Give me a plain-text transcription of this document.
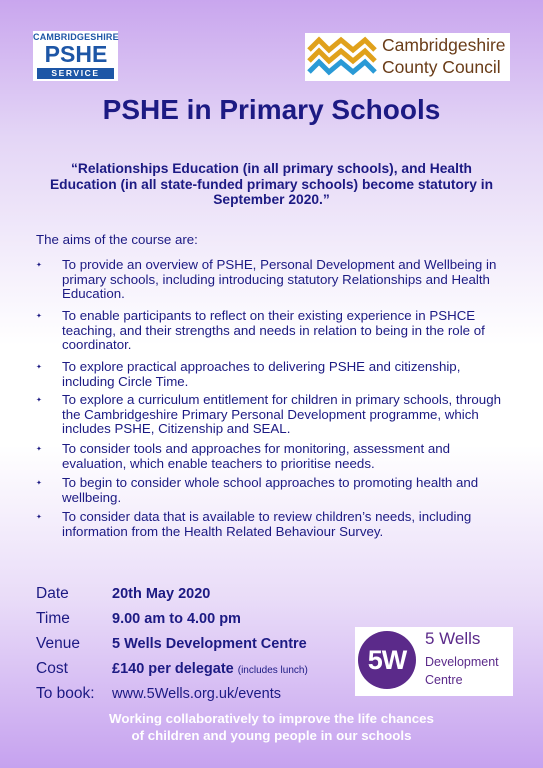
CAMBRIDGESHIRE
PSHE
SERVICE
Cambridgeshire
County Council
PSHE in Primary Schools
“Relationships Education (in all primary schools), and Health Education (in all state-funded primary schools) become statutory in September 2020.”
The aims of the course are:
✦ To provide an overview of PSHE, Personal Development and Wellbeing in primary schools, including introducing statutory Relationships and Health Education.
✦ To enable participants to reflect on their existing experience in PSHCE teaching, and their strengths and needs in relation to being in the role of coordinator.
✦ To explore practical approaches to delivering PSHE and citizenship, including Circle Time.
✦ To explore a curriculum entitlement for children in primary schools, through the Cambridgeshire Primary Personal Development programme, which includes PSHE, Citizenship and SEAL.
✦ To consider tools and approaches for monitoring, assessment and evaluation, which enable teachers to prioritise needs.
✦ To begin to consider whole school approaches to promoting health and wellbeing.
✦ To consider data that is available to review children’s needs, including information from the Health Related Behaviour Survey.
Date	20th May 2020
Time	9.00 am to 4.00 pm
Venue 5 Wells Development Centre
Cost	£140 per delegate (includes lunch)
To book: www.5Wells.org.uk/events
5W
5 Wells
Development
Centre
Working collaboratively to improve the life chances
of children and young people in our schools
